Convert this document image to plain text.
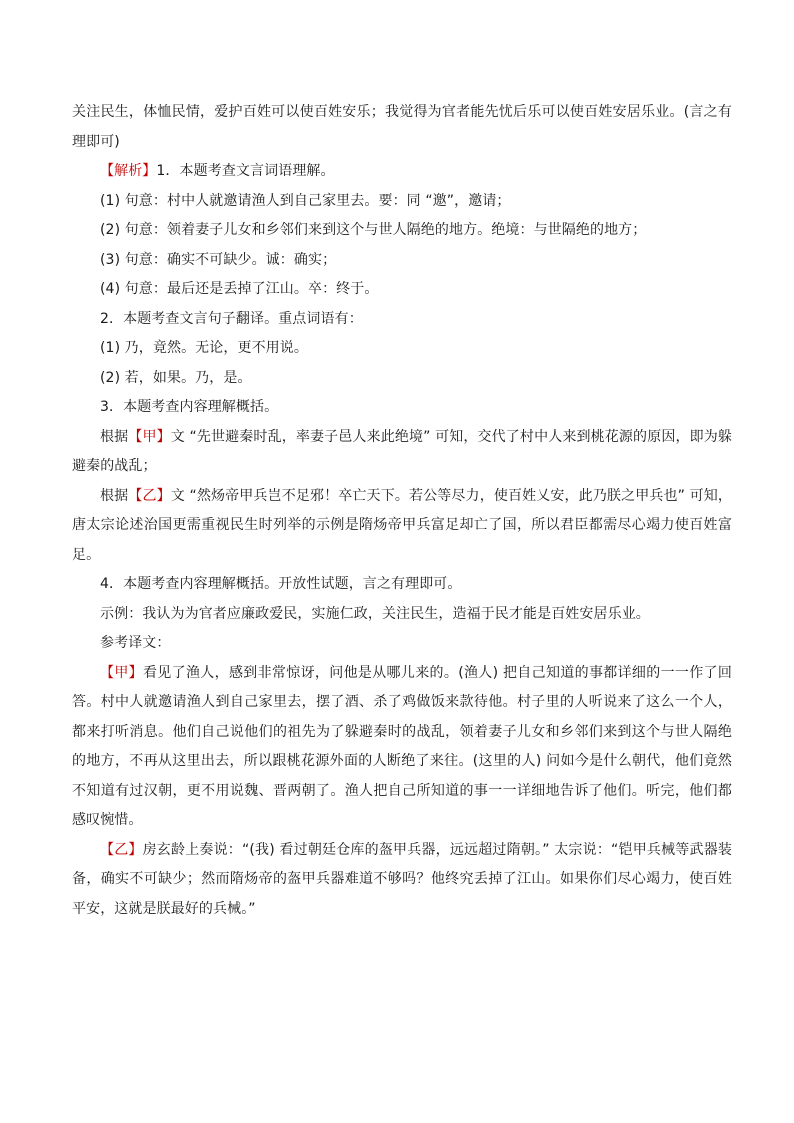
关注民生，体恤民情，爱护百姓可以使百姓安乐；我觉得为官者能先忧后乐可以使百姓安居乐业。(言之有理即可)

【解析】1．本题考查文言词语理解。

(1) 句意：村中人就邀请渔人到自己家里去。要：同 “邀”，邀请；

(2) 句意：领着妻子儿女和乡邻们来到这个与世人隔绝的地方。绝境：与世隔绝的地方；

(3) 句意：确实不可缺少。诚：确实；

(4) 句意：最后还是丢掉了江山。卒：终于。

2．本题考查文言句子翻译。重点词语有：

(1) 乃，竟然。无论，更不用说。

(2) 若，如果。乃，是。

3．本题考查内容理解概括。

根据【甲】文 “先世避秦时乱，率妻子邑人来此绝境” 可知，交代了村中人来到桃花源的原因，即为躲避秦的战乱；

根据【乙】文 “然炀帝甲兵岂不足邪！卒亡天下。若公等尽力，使百姓乂安，此乃朕之甲兵也” 可知，唐太宗论述治国更需重视民生时列举的示例是隋炀帝甲兵富足却亡了国，所以君臣都需尽心竭力使百姓富足。

4．本题考查内容理解概括。开放性试题，言之有理即可。

示例：我认为为官者应廉政爱民，实施仁政，关注民生，造福于民才能是百姓安居乐业。

参考译文：

【甲】看见了渔人，感到非常惊讶，问他是从哪儿来的。(渔人) 把自己知道的事都详细的一一作了回答。村中人就邀请渔人到自己家里去，摆了酒、杀了鸡做饭来款待他。村子里的人听说来了这么一个人，都来打听消息。他们自己说他们的祖先为了躲避秦时的战乱，领着妻子儿女和乡邻们来到这个与世人隔绝的地方，不再从这里出去，所以跟桃花源外面的人断绝了来往。(这里的人) 问如今是什么朝代，他们竟然不知道有过汉朝，更不用说魏、晋两朝了。渔人把自己所知道的事一一详细地告诉了他们。听完，他们都感叹惋惜。

【乙】房玄龄上奏说：“(我) 看过朝廷仓库的盔甲兵器，远远超过隋朝。” 太宗说：“铠甲兵械等武器装备，确实不可缺少；然而隋炀帝的盔甲兵器难道不够吗？他终究丢掉了江山。如果你们尽心竭力，使百姓平安，这就是朕最好的兵械。”
